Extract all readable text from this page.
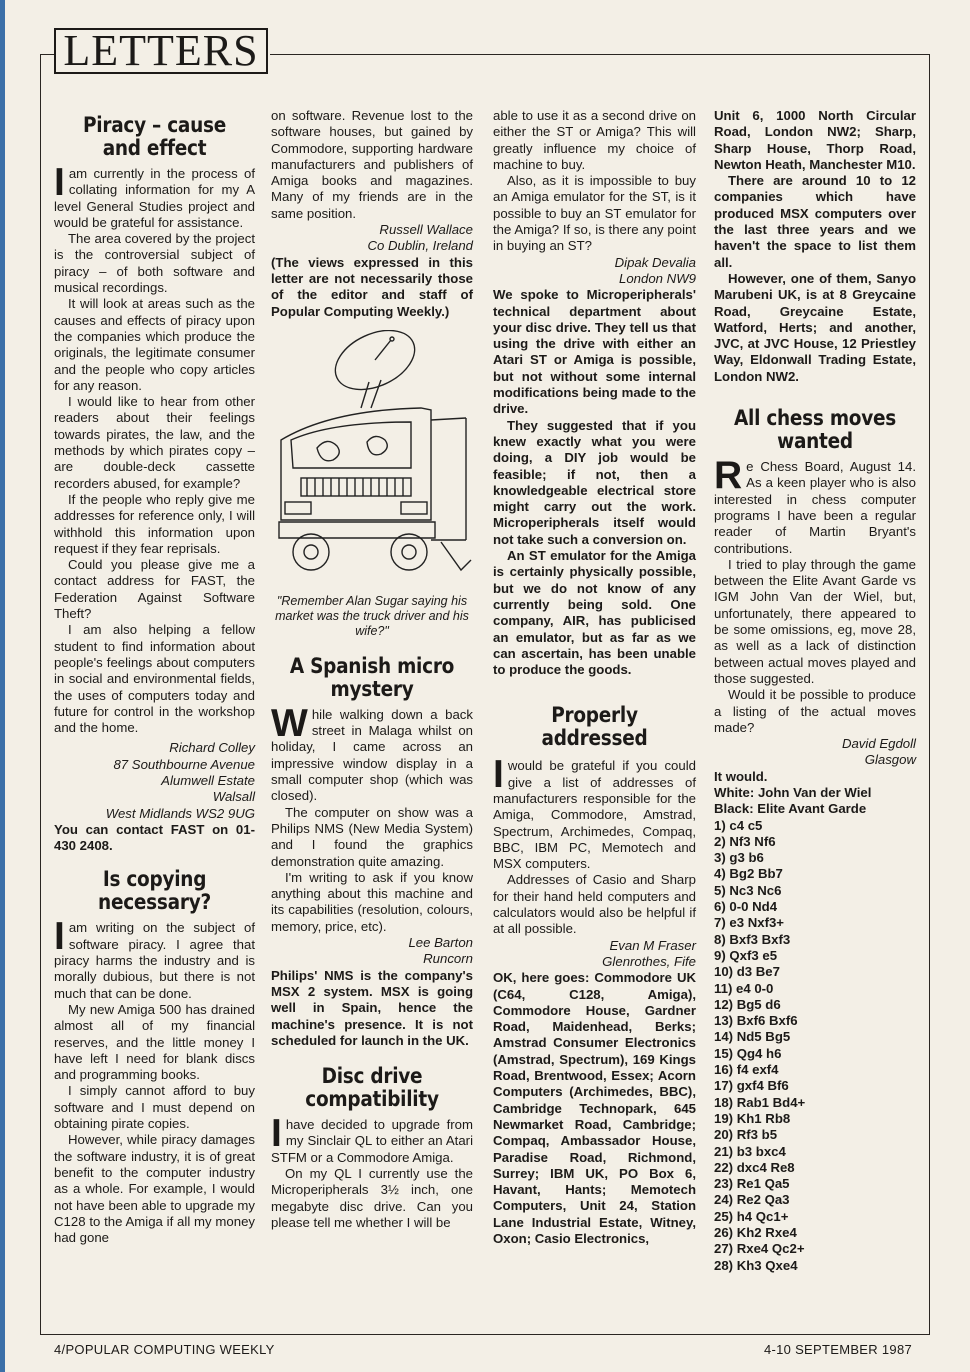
LETTERS
Piracy – cause and effect

Iam currently in the process of collating information for my A level General Studies project and would be grateful for assistance.

The area covered by the project is the controversial subject of piracy – of both software and musical recordings.

It will look at areas such as the causes and effects of piracy upon the companies which produce the originals, the legitimate consumer and the people who copy articles for any reason.

I would like to hear from other readers about their feelings towards pirates, the law, and the methods by which pirates copy – are double-deck cassette recorders abused, for example?

If the people who reply give me addresses for reference only, I will withhold this information upon request if they fear reprisals.

Could you please give me a contact address for FAST, the Federation Against Software Theft?

I am also helping a fellow student to find information about people's feelings about computers in social and environmental fields, the uses of computers today and future for control in the workshop and the home.

Richard Colley

87 Southbourne Avenue

Alumwell Estate

Walsall

West Midlands WS2 9UG

You can contact FAST on 01-430 2408.

Is copying necessary?

Iam writing on the subject of software piracy. I agree that piracy harms the industry and is morally dubious, but there is not much that can be done.

My new Amiga 500 has drained almost all of my financial reserves, and the little money I have left I need for blank discs and programming books.

I simply cannot afford to buy software and I must depend on obtaining pirate copies.

However, while piracy damages the software industry, it is of great benefit to the computer industry as a whole. For example, I would not have been able to upgrade my C128 to the Amiga if all my money had gone

on software. Revenue lost to the software houses, but gained by Commodore, supporting hardware manufacturers and publishers of Amiga books and magazines. Many of my friends are in the same position.

Russell Wallace

Co Dublin, Ireland

(The views expressed in this letter are not necessarily those of the editor and staff of Popular Computing Weekly.)

"Remember Alan Sugar saying his market was the truck driver and his wife?"

A Spanish micro mystery

While walking down a back street in Malaga whilst on holiday, I came across an impressive window display in a small computer shop (which was closed).

The computer on show was a Philips NMS (New Media System) and I found the graphics demonstration quite amazing.

I'm writing to ask if you know anything about this machine and its capabilities (resolution, colours, memory, price, etc).

Lee Barton

Runcorn

Philips' NMS is the company's MSX 2 system. MSX is going well in Spain, hence the machine's presence. It is not scheduled for launch in the UK.

Disc drive compatibility

Ihave decided to upgrade from my Sinclair QL to either an Atari STFM or a Commodore Amiga.

On my QL I currently use the Microperipherals 3½ inch, one megabyte disc drive. Can you please tell me whether I will be

able to use it as a second drive on either the ST or Amiga? This will greatly influence my choice of machine to buy.

Also, as it is impossible to buy an Amiga emulator for the ST, is it possible to buy an ST emulator for the Amiga? If so, is there any point in buying an ST?

Dipak Devalia

London NW9

We spoke to Microperipherals' technical department about your disc drive. They tell us that using the drive with either an Atari ST or Amiga is possible, but not without some internal modifications being made to the drive.

They suggested that if you knew exactly what you were doing, a DIY job would be feasible; if not, then a knowledgeable electrical store might carry out the work. Microperipherals itself would not take such a conversion on.

An ST emulator for the Amiga is certainly physically possible, but we do not know of any currently being sold. One company, AIR, has publicised an emulator, but as far as we can ascertain, has been unable to produce the goods.

Properly addressed

Iwould be grateful if you could give a list of addresses of manufacturers responsible for the Amiga, Commodore, Amstrad, Spectrum, Archimedes, Compaq, BBC, IBM PC, Memotech and MSX computers.

Addresses of Casio and Sharp for their hand held computers and calculators would also be helpful if at all possible.

Evan M Fraser

Glenrothes, Fife

OK, here goes: Commodore UK (C64, C128, Amiga), Commodore House, Gardner Road, Maidenhead, Berks; Amstrad Consumer Electronics (Amstrad, Spectrum), 169 Kings Road, Brentwood, Essex; Acorn Computers (Archimedes, BBC), Cambridge Technopark, 645 Newmarket Road, Cambridge; Compaq, Ambassador House, Paradise Road, Richmond, Surrey; IBM UK, PO Box 6, Havant, Hants; Memotech Computers, Unit 24, Station Lane Industrial Estate, Witney, Oxon; Casio Electronics,

Unit 6, 1000 North Circular Road, London NW2; Sharp, Sharp House, Thorp Road, Newton Heath, Manchester M10.

There are around 10 to 12 companies which have produced MSX computers over the last three years and we haven't the space to list them all.

However, one of them, Sanyo Marubeni UK, is at 8 Greycaine Road, Greycaine Estate, Watford, Herts; and another, JVC, at JVC House, 12 Priestley Way, Eldonwall Trading Estate, London NW2.

All chess moves wanted

Re Chess Board, August 14. As a keen player who is also interested in chess computer programs I have been a regular reader of Martin Bryant's contributions.

I tried to play through the game between the Elite Avant Garde vs IGM John Van der Wiel, but, unfortunately, there appeared to be some omissions, eg, move 28, as well as a lack of distinction between actual moves played and those suggested.

Would it be possible to produce a listing of the actual moves made?

David Egdoll

Glasgow

It would.

White: John Van der Wiel

Black: Elite Avant Garde

1) c4 c5

2) Nf3 Nf6

3) g3 b6

4) Bg2 Bb7

5) Nc3 Nc6

6) 0-0 Nd4

7) e3 Nxf3+

8) Bxf3 Bxf3

9) Qxf3 e5

10) d3 Be7

11) e4 0-0

12) Bg5 d6

13) Bxf6 Bxf6

14) Nd5 Bg5

15) Qg4 h6

16) f4 exf4

17) gxf4 Bf6

18) Rab1 Bd4+

19) Kh1 Rb8

20) Rf3 b5

21) b3 bxc4

22) dxc4 Re8

23) Re1 Qa5

24) Re2 Qa3

25) h4 Qc1+

26) Kh2 Rxe4

27) Rxe4 Qc2+

28) Kh3 Qxe4

4/POPULAR COMPUTING WEEKLY	4-10 SEPTEMBER 1987
